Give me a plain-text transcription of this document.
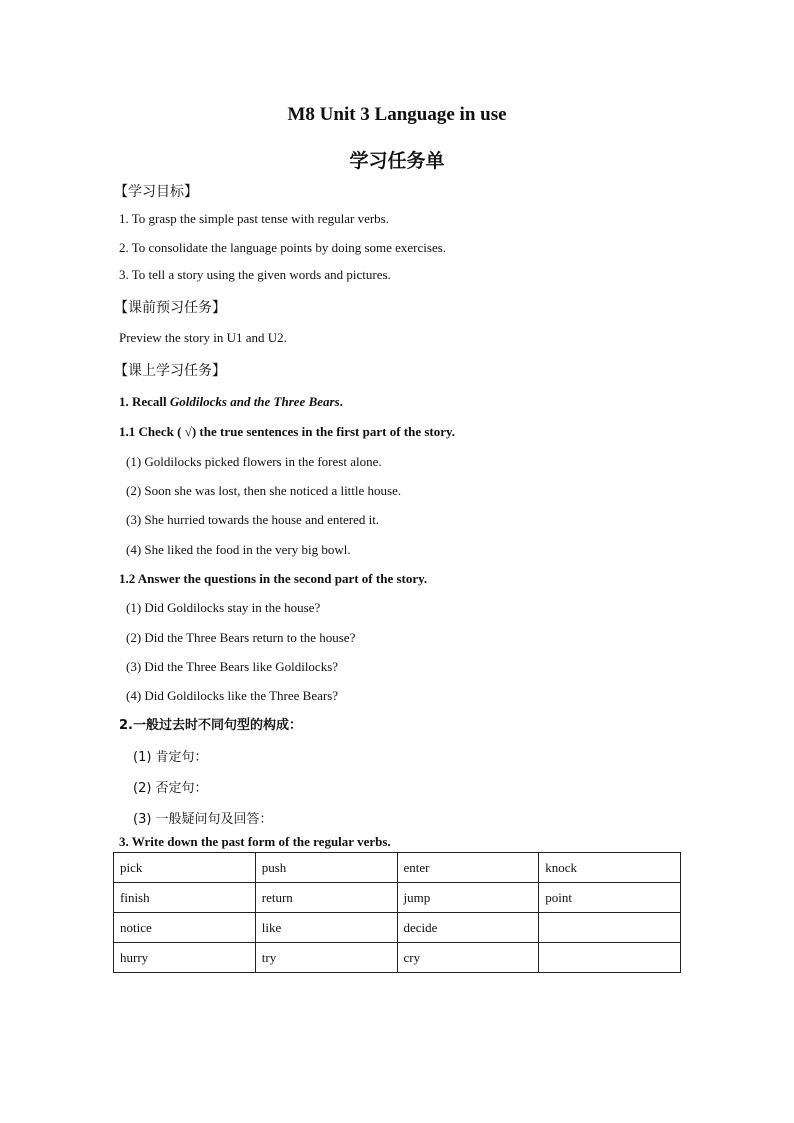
M8 Unit 3 Language in use
学习任务单
【学习目标】
1. To grasp the simple past tense with regular verbs.
2. To consolidate the language points by doing some exercises.
3. To tell a story using the given words and pictures.
【课前预习任务】
Preview the story in U1 and U2.
【课上学习任务】
1. Recall Goldilocks and the Three Bears.
1.1 Check ( √) the true sentences in the first part of the story.
(1) Goldilocks picked flowers in the forest alone.
(2) Soon she was lost, then she noticed a little house.
(3) She hurried towards the house and entered it.
(4) She liked the food in the very big bowl.
1.2 Answer the questions in the second part of the story.
(1) Did Goldilocks stay in the house?
(2) Did the Three Bears return to the house?
(3) Did the Three Bears like Goldilocks?
(4) Did Goldilocks like the Three Bears?
2.一般过去时不同句型的构成：
(1) 肯定句：
(2) 否定句：
(3) 一般疑问句及回答：
3. Write down the past form of the regular verbs.
pick	push	enter	knock
finish	return	jump	point
notice	like	decide	
hurry	try	cry	
